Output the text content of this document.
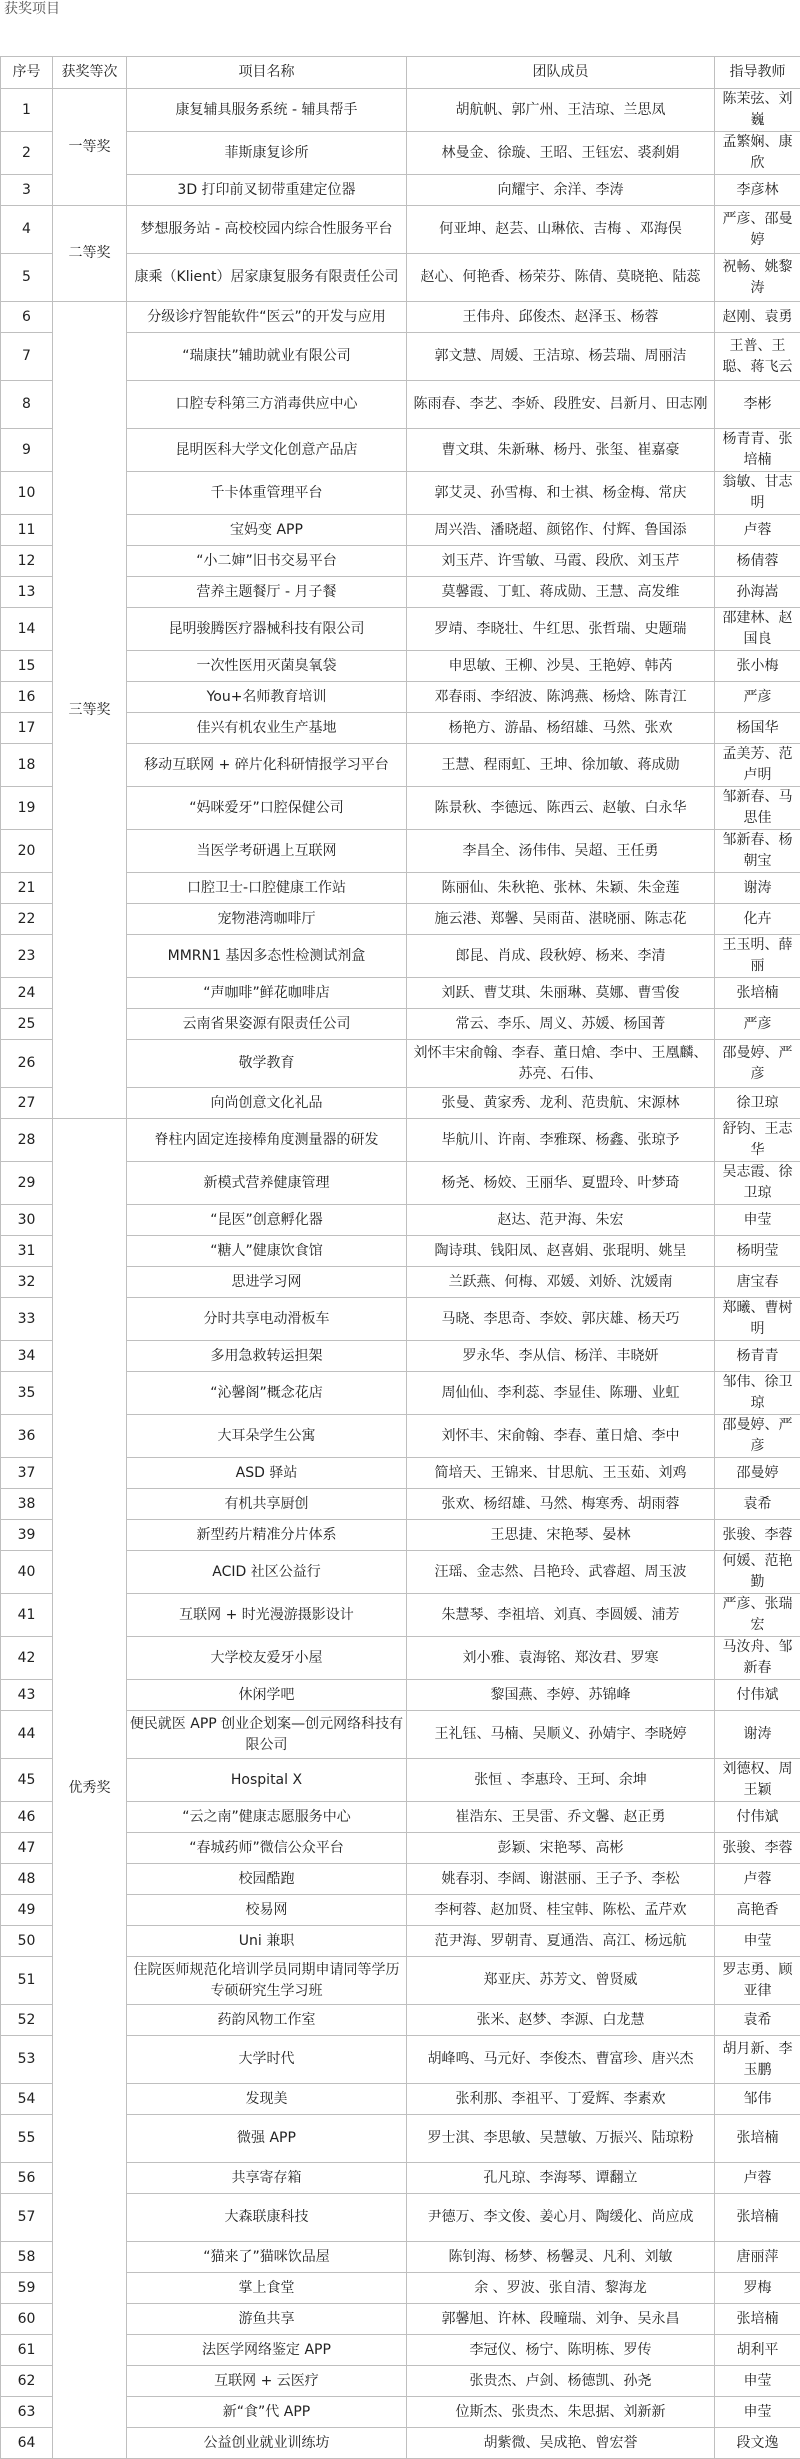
获奖项目
序号	获奖等次	项目名称	团队成员	指导教师
1	一等奖	康复辅具服务系统 - 辅具帮手	胡航帆、郭广州、王洁琼、兰思凤	陈茉弦、刘巍
2		菲斯康复诊所	林曼金、徐璇、王昭、王钰宏、裘刹娟	孟繁娴、康欣
3		3D 打印前叉韧带重建定位器	向耀宇、余洋、李涛	李彦林
4	二等奖	梦想服务站 - 高校校园内综合性服务平台	何亚坤、赵芸、山琳依、吉梅 、邓海俣	严彦、邵曼婷
5		康乘（Klient）居家康复服务有限责任公司	赵心、何艳香、杨荣芬、陈倩、莫晓艳、陆蕊	祝畅、姚黎涛
6	三等奖	分级诊疗智能软件“医云”的开发与应用	王伟舟、邱俊杰、赵泽玉、杨蓉	赵刚、袁勇
7		“瑞康扶”辅助就业有限公司	郭文慧、周媛、王洁琼、杨芸瑞、周丽洁	王普、王聪、蒋飞云
8		口腔专科第三方消毒供应中心	陈雨春、李艺、李娇、段胜安、吕新月、田志刚	李彬
9		昆明医科大学文化创意产品店	曹文琪、朱新琳、杨丹、张玺、崔嘉豪	杨青青、张培楠
10		千卡体重管理平台	郭艾灵、孙雪梅、和士祺、杨金梅、常庆	翁敏、甘志明
11		宝妈变 APP	周兴浩、潘晓超、颜铭作、付辉、鲁国添	卢蓉
12		“小二婶”旧书交易平台	刘玉芹、许雪敏、马霞、段欣、刘玉芹	杨倩蓉
13		营养主题餐厅 - 月子餐	莫馨霞、丁虹、蒋成勋、王慧、高发维	孙海嵩
14		昆明骏腾医疗器械科技有限公司	罗靖、李晓壮、牛红思、张哲瑞、史题瑞	邵建林、赵国良
15		一次性医用灭菌臭氧袋	申思敏、王柳、沙昊、王艳婷、韩芮	张小梅
16		You+名师教育培训	邓春雨、李绍波、陈鸿燕、杨焓、陈青江	严彦
17		佳兴有机农业生产基地	杨艳方、游晶、杨绍雄、马然、张欢	杨国华
18		移动互联网 + 碎片化科研情报学习平台	王慧、程雨虹、王坤、徐加敏、蒋成勋	孟美芳、范卢明
19		“妈咪爱牙”口腔保健公司	陈景秋、李德远、陈西云、赵敏、白永华	邹新春、马思佳
20		当医学考研遇上互联网	李昌全、汤伟伟、吴超、王任勇	邹新春、杨朝宝
21		口腔卫士-口腔健康工作站	陈丽仙、朱秋艳、张林、朱颖、朱金莲	谢涛
22		宠物港湾咖啡厅	施云港、郑馨、吴雨苗、湛晓丽、陈志花	化卉
23		MMRN1 基因多态性检测试剂盒	郎昆、肖成、段秋婷、杨来、李清	王玉明、薛丽
24		“声咖啡”鲜花咖啡店	刘跃、曹艾琪、朱丽琳、莫娜、曹雪俊	张培楠
25		云南省果姿源有限责任公司	常云、李乐、周义、苏媛、杨国菁	严彦
26		敬学教育	刘怀丰宋俞翰、李春、董日熗、李中、王凰麟、苏亮、石伟、	邵曼婷、严彦
27		向尚创意文化礼品	张曼、黄家秀、龙利、范贵航、宋源林	徐卫琼
28	优秀奖	脊柱内固定连接棒角度测量器的研发	毕航川、许南、李雅琛、杨鑫、张琼予	舒钧、王志华
29		新模式营养健康管理	杨尧、杨姣、王丽华、夏盟玲、叶梦琦	吴志霞、徐卫琼
30		“昆医”创意孵化器	赵达、范尹海、朱宏	申莹
31		“糖人”健康饮食馆	陶诗琪、钱阳凤、赵喜娟、张琨明、姚呈	杨明莹
32		思进学习网	兰跃燕、何梅、邓媛、刘娇、沈媛南	唐宝春
33		分时共享电动滑板车	马晓、李思奇、李姣、郭庆雄、杨天巧	郑曦、曹树明
34		多用急救转运担架	罗永华、李从信、杨洋、丰晓妍	杨青青
35		“沁馨阁”概念花店	周仙仙、李利蕊、李显佳、陈珊、业虹	邹伟、徐卫琼
36		大耳朵学生公寓	刘怀丰、宋俞翰、李春、董日熗、李中	邵曼婷、严彦
37		ASD 驿站	简培天、王锦来、甘思航、王玉茹、刘鸡	邵曼婷
38		有机共享厨创	张欢、杨绍雄、马然、梅寒秀、胡雨蓉	袁希
39		新型药片精准分片体系	王思捷、宋艳琴、晏林	张骏、李蓉
40		ACID 社区公益行	汪瑶、金志然、吕艳玲、武睿超、周玉波	何媛、范艳勤
41		互联网 + 时光漫游摄影设计	朱慧琴、李祖培、刘真、李圆媛、浦芳	严彦、张瑞宏
42		大学校友爱牙小屋	刘小雅、袁海铭、郑汝君、罗寒	马汝舟、邹新春
43		休闲学吧	黎国燕、李婷、苏锦峰	付伟斌
44		便民就医 APP 创业企划案—创元网络科技有限公司	王礼钰、马楠、吴顺义、孙婧宇、李晓婷	谢涛
45		Hospital X	张恒 、李惠玲、王珂、余坤	刘德权、周王颖
46		“云之南”健康志愿服务中心	崔浩东、王昊雷、乔文馨、赵正勇	付伟斌
47		“春城药师”微信公众平台	彭颖、宋艳琴、高彬	张骏、李蓉
48		校园酷跑	姚春羽、李阔、谢湛丽、王子予、李松	卢蓉
49		校易网	李柯蓉、赵加贤、桂宝韩、陈松、孟芹欢	高艳香
50		Uni 兼职	范尹海、罗朝青、夏通浩、高江、杨远航	申莹
51		住院医师规范化培训学员同期申请同等学历专硕研究生学习班	郑亚庆、苏芳文、曾贤威	罗志勇、顾亚律
52		药韵风物工作室	张米、赵梦、李源、白龙慧	袁希
53		大学时代	胡峰鸣、马元好、李俊杰、曹富珍、唐兴杰	胡月新、李玉鹏
54		发现美	张利那、李祖平、丁爱辉、李素欢	邹伟
55		微强 APP	罗士淇、李思敏、吴慧敏、万振兴、陆琼粉	张培楠
56		共享寄存箱	孔凡琼、李海琴、谭翻立	卢蓉
57		大森联康科技	尹德万、李文俊、姜心月、陶缓化、尚应成	张培楠
58		“猫来了”猫咪饮品屋	陈钊海、杨梦、杨馨灵、凡利、刘敏	唐丽萍
59		掌上食堂	余 、罗波、张自清、黎海龙	罗梅
60		游鱼共享	郭馨旭、许林、段疃瑞、刘争、吴永昌	张培楠
61		法医学网络鉴定 APP	李冠仪、杨宁、陈明栋、罗传	胡利平
62		互联网 + 云医疗	张贵杰、卢剑、杨德凯、孙尧	申莹
63		新“食”代 APP	位斯杰、张贵杰、朱思据、刘新新	申莹
64		公益创业就业训练坊	胡紫微、吴成艳、曾宏誉	段文逸
